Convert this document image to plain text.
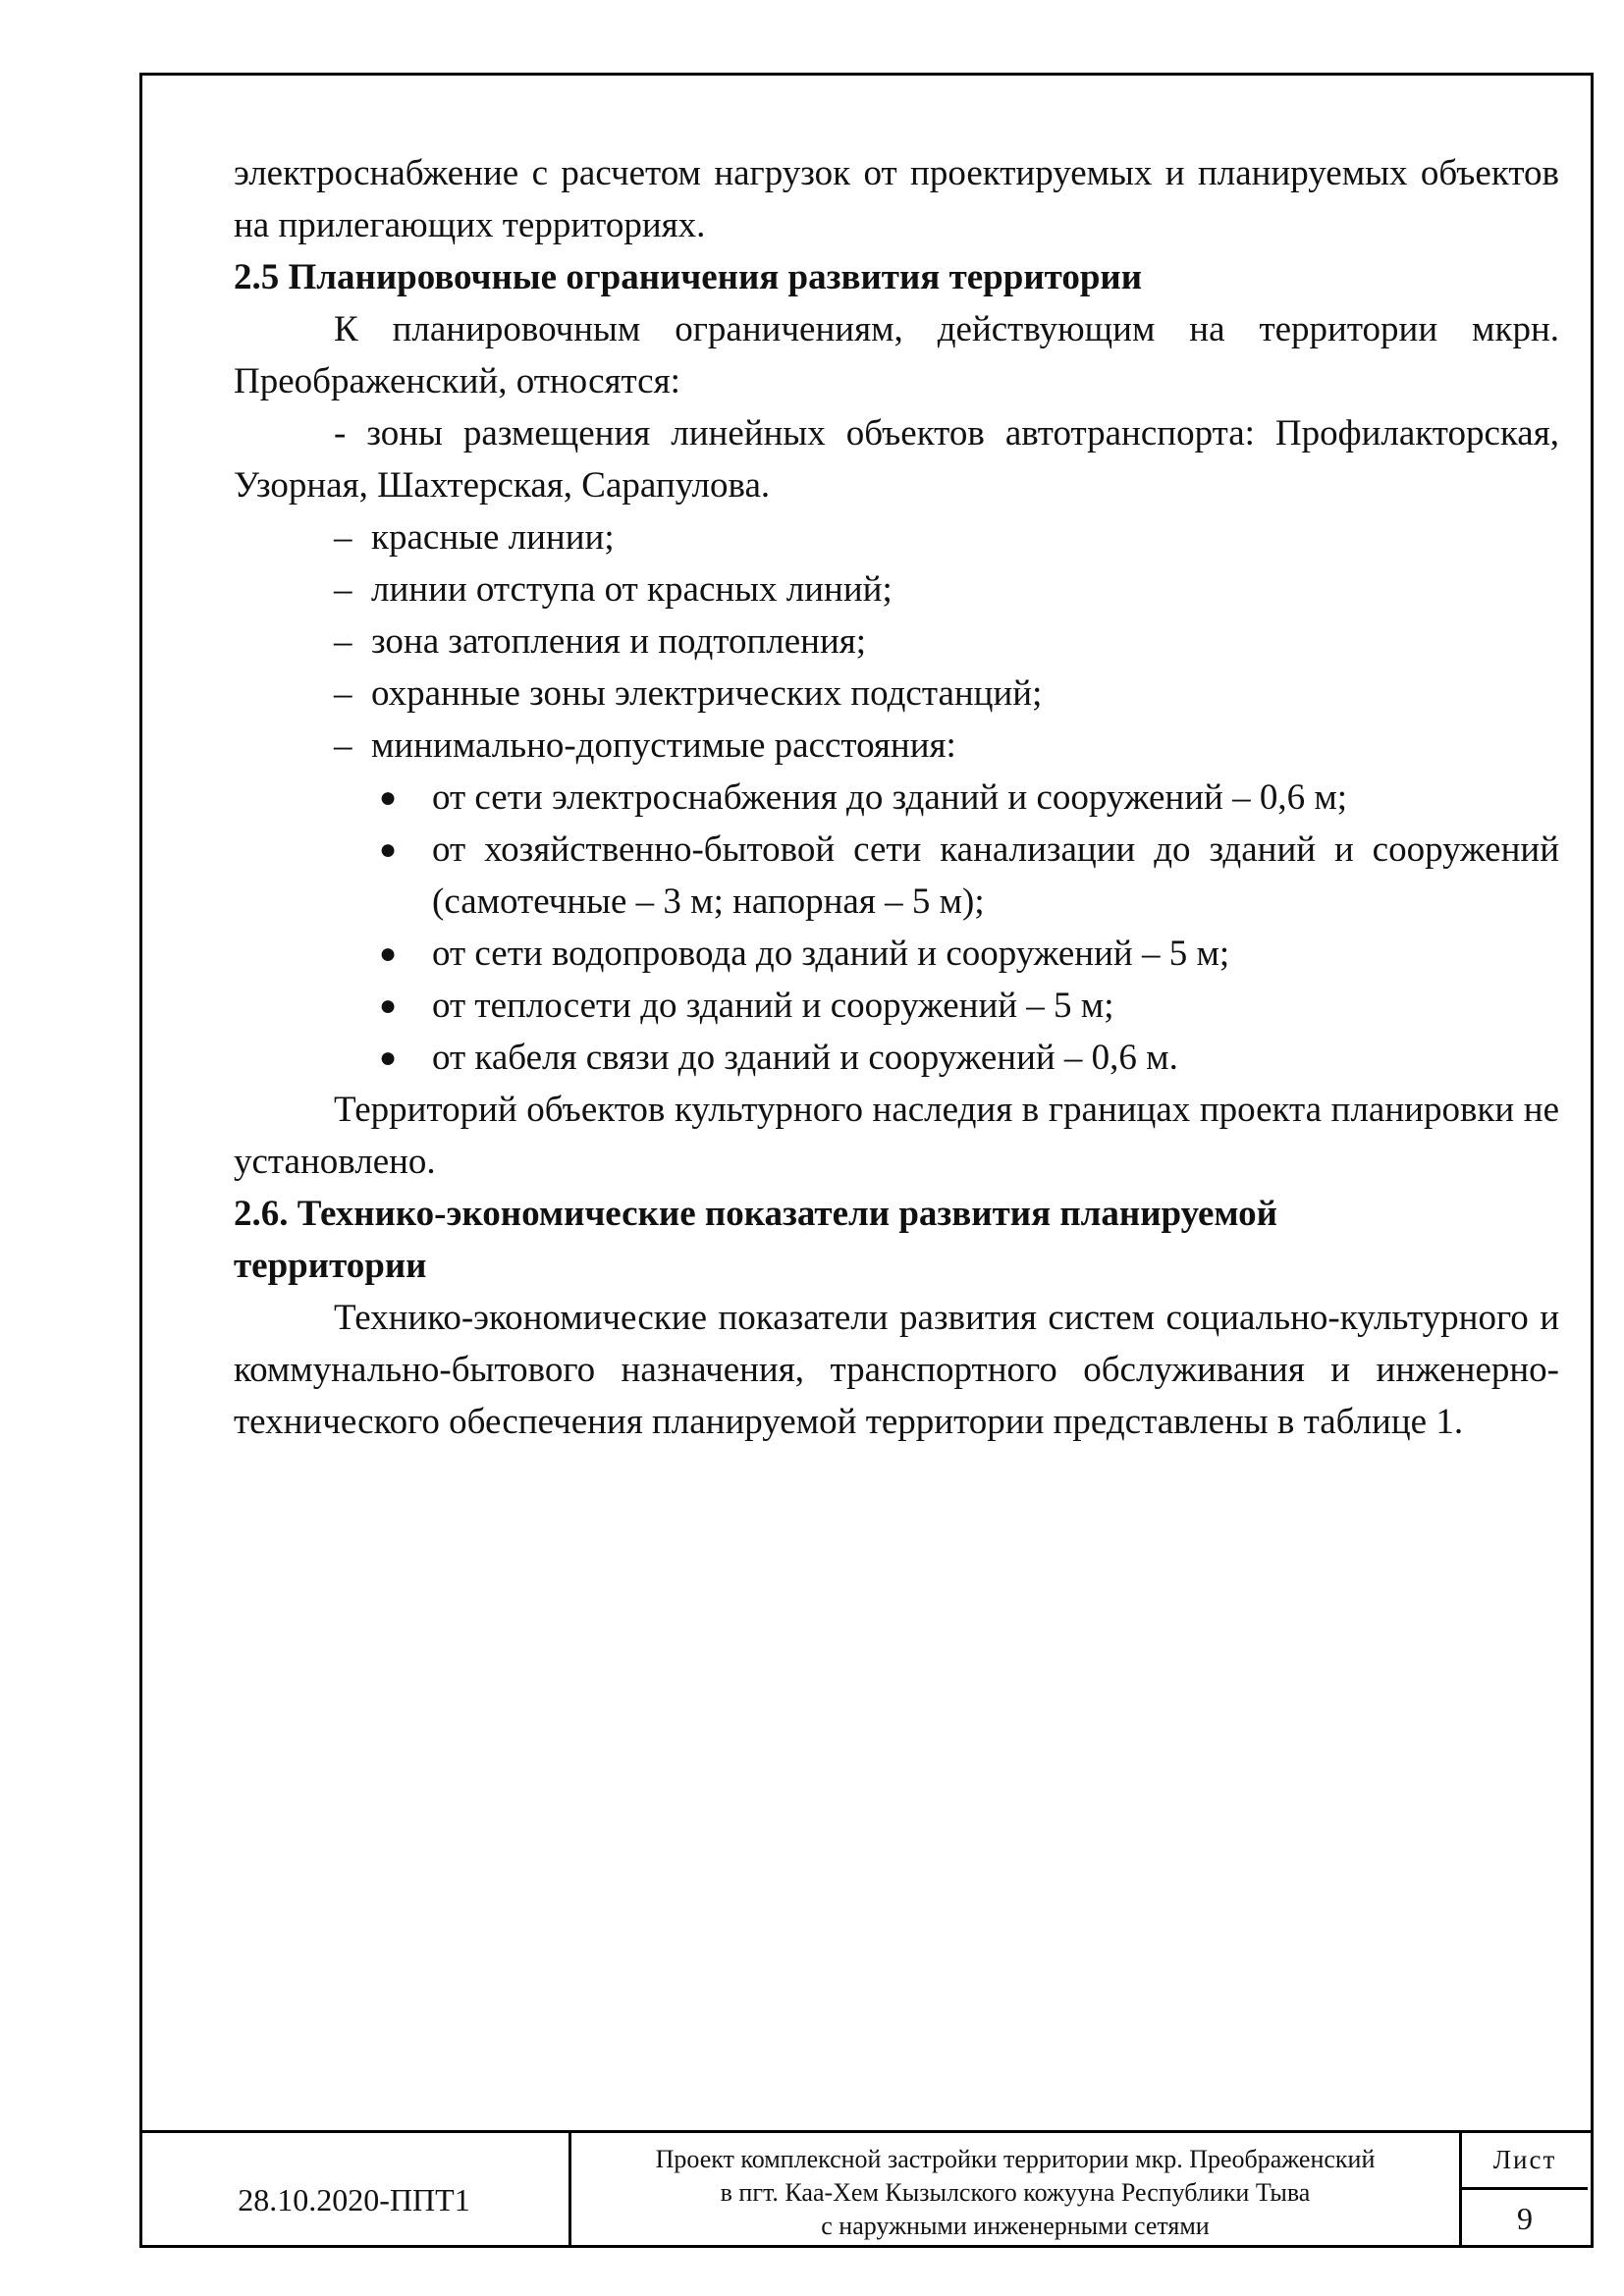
электроснабжение с расчетом нагрузок от проектируемых и планируемых объектов на прилегающих территориях.

2.5 Планировочные ограничения развития территории

К планировочным ограничениям, действующим на территории мкрн. Преображенский, относятся:

- зоны размещения линейных объектов автотранспорта: Профилакторская, Узорная, Шахтерская, Сарапулова.

– красные линии;
– линии отступа от красных линий;
– зона затопления и подтопления;
– охранные зоны электрических подстанций;
– минимально-допустимые расстояния:
● от сети электроснабжения до зданий и сооружений – 0,6 м;
● от хозяйственно-бытовой сети канализации до зданий и сооружений (самотечные – 3 м; напорная – 5 м);
● от сети водопровода до зданий и сооружений – 5 м;
● от теплосети до зданий и сооружений – 5 м;
● от кабеля связи до зданий и сооружений – 0,6 м.

Территорий объектов культурного наследия в границах проекта планировки не установлено.

2.6. Технико-экономические показатели развития планируемой
территории

Технико-экономические показатели развития систем социально-культурного и коммунально-бытового назначения, транспортного обслуживания и инженерно-технического обеспечения планируемой территории представлены в таблице 1.

28.10.2020-ППТ1
Проект комплексной застройки территории мкр. Преображенский
в пгт. Каа-Хем Кызылского кожууна Республики Тыва
с наружными инженерными сетями
Лист
9
